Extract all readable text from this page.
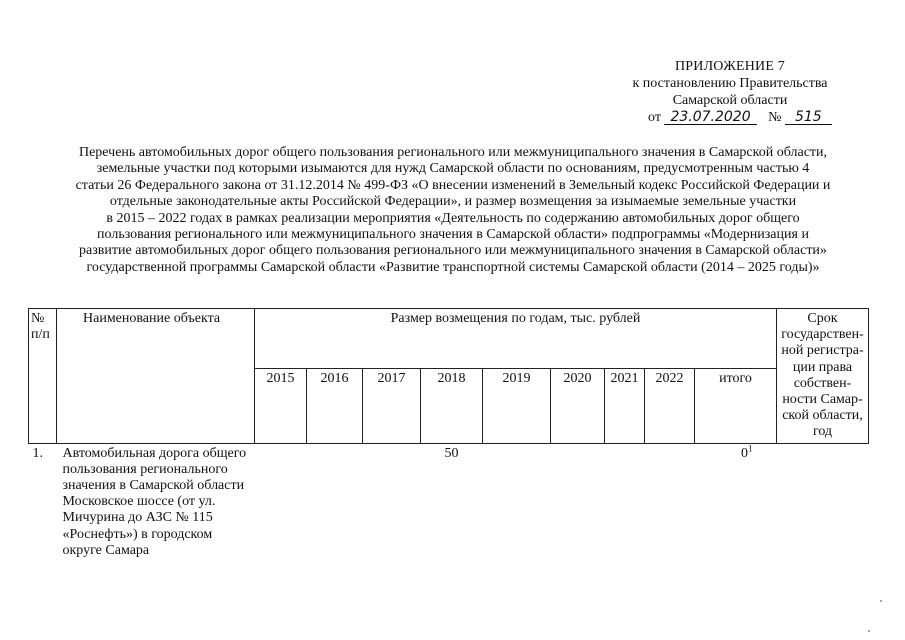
ПРИЛОЖЕНИЕ 7
к постановлению Правительства
Самарской области
от 23.07.2020 № 515
Перечень автомобильных дорог общего пользования регионального или межмуниципального значения в Самарской области,
земельные участки под которыми изымаются для нужд Самарской области по основаниям, предусмотренным частью 4
статьи 26 Федерального закона от 31.12.2014 № 499-ФЗ «О внесении изменений в Земельный кодекс Российской Федерации и
отдельные законодательные акты Российской Федерации», и размер возмещения за изымаемые земельные участки
в 2015 – 2022 годах в рамках реализации мероприятия «Деятельность по содержанию автомобильных дорог общего
пользования регионального или межмуниципального значения в Самарской области» подпрограммы «Модернизация и
развитие автомобильных дорог общего пользования регионального или межмуниципального значения в Самарской области»
государственной программы Самарской области «Развитие транспортной системы Самарской области (2014 – 2025 годы)»
№ п/п	Наименование объекта	Размер возмещения по годам, тыс. рублей									Срок государствен-ной регистра-ции права собствен-ности Самар-ской области, год
		2015	2016	2017	2018	2019	2020	2021	2022	итого	
1.	Автомобильная дорога общего пользования регионального значения в Самарской области Московское шоссе (от ул. Мичурина до АЗС № 115 «Роснефть») в городском округе Самара				50					$0^1$	
